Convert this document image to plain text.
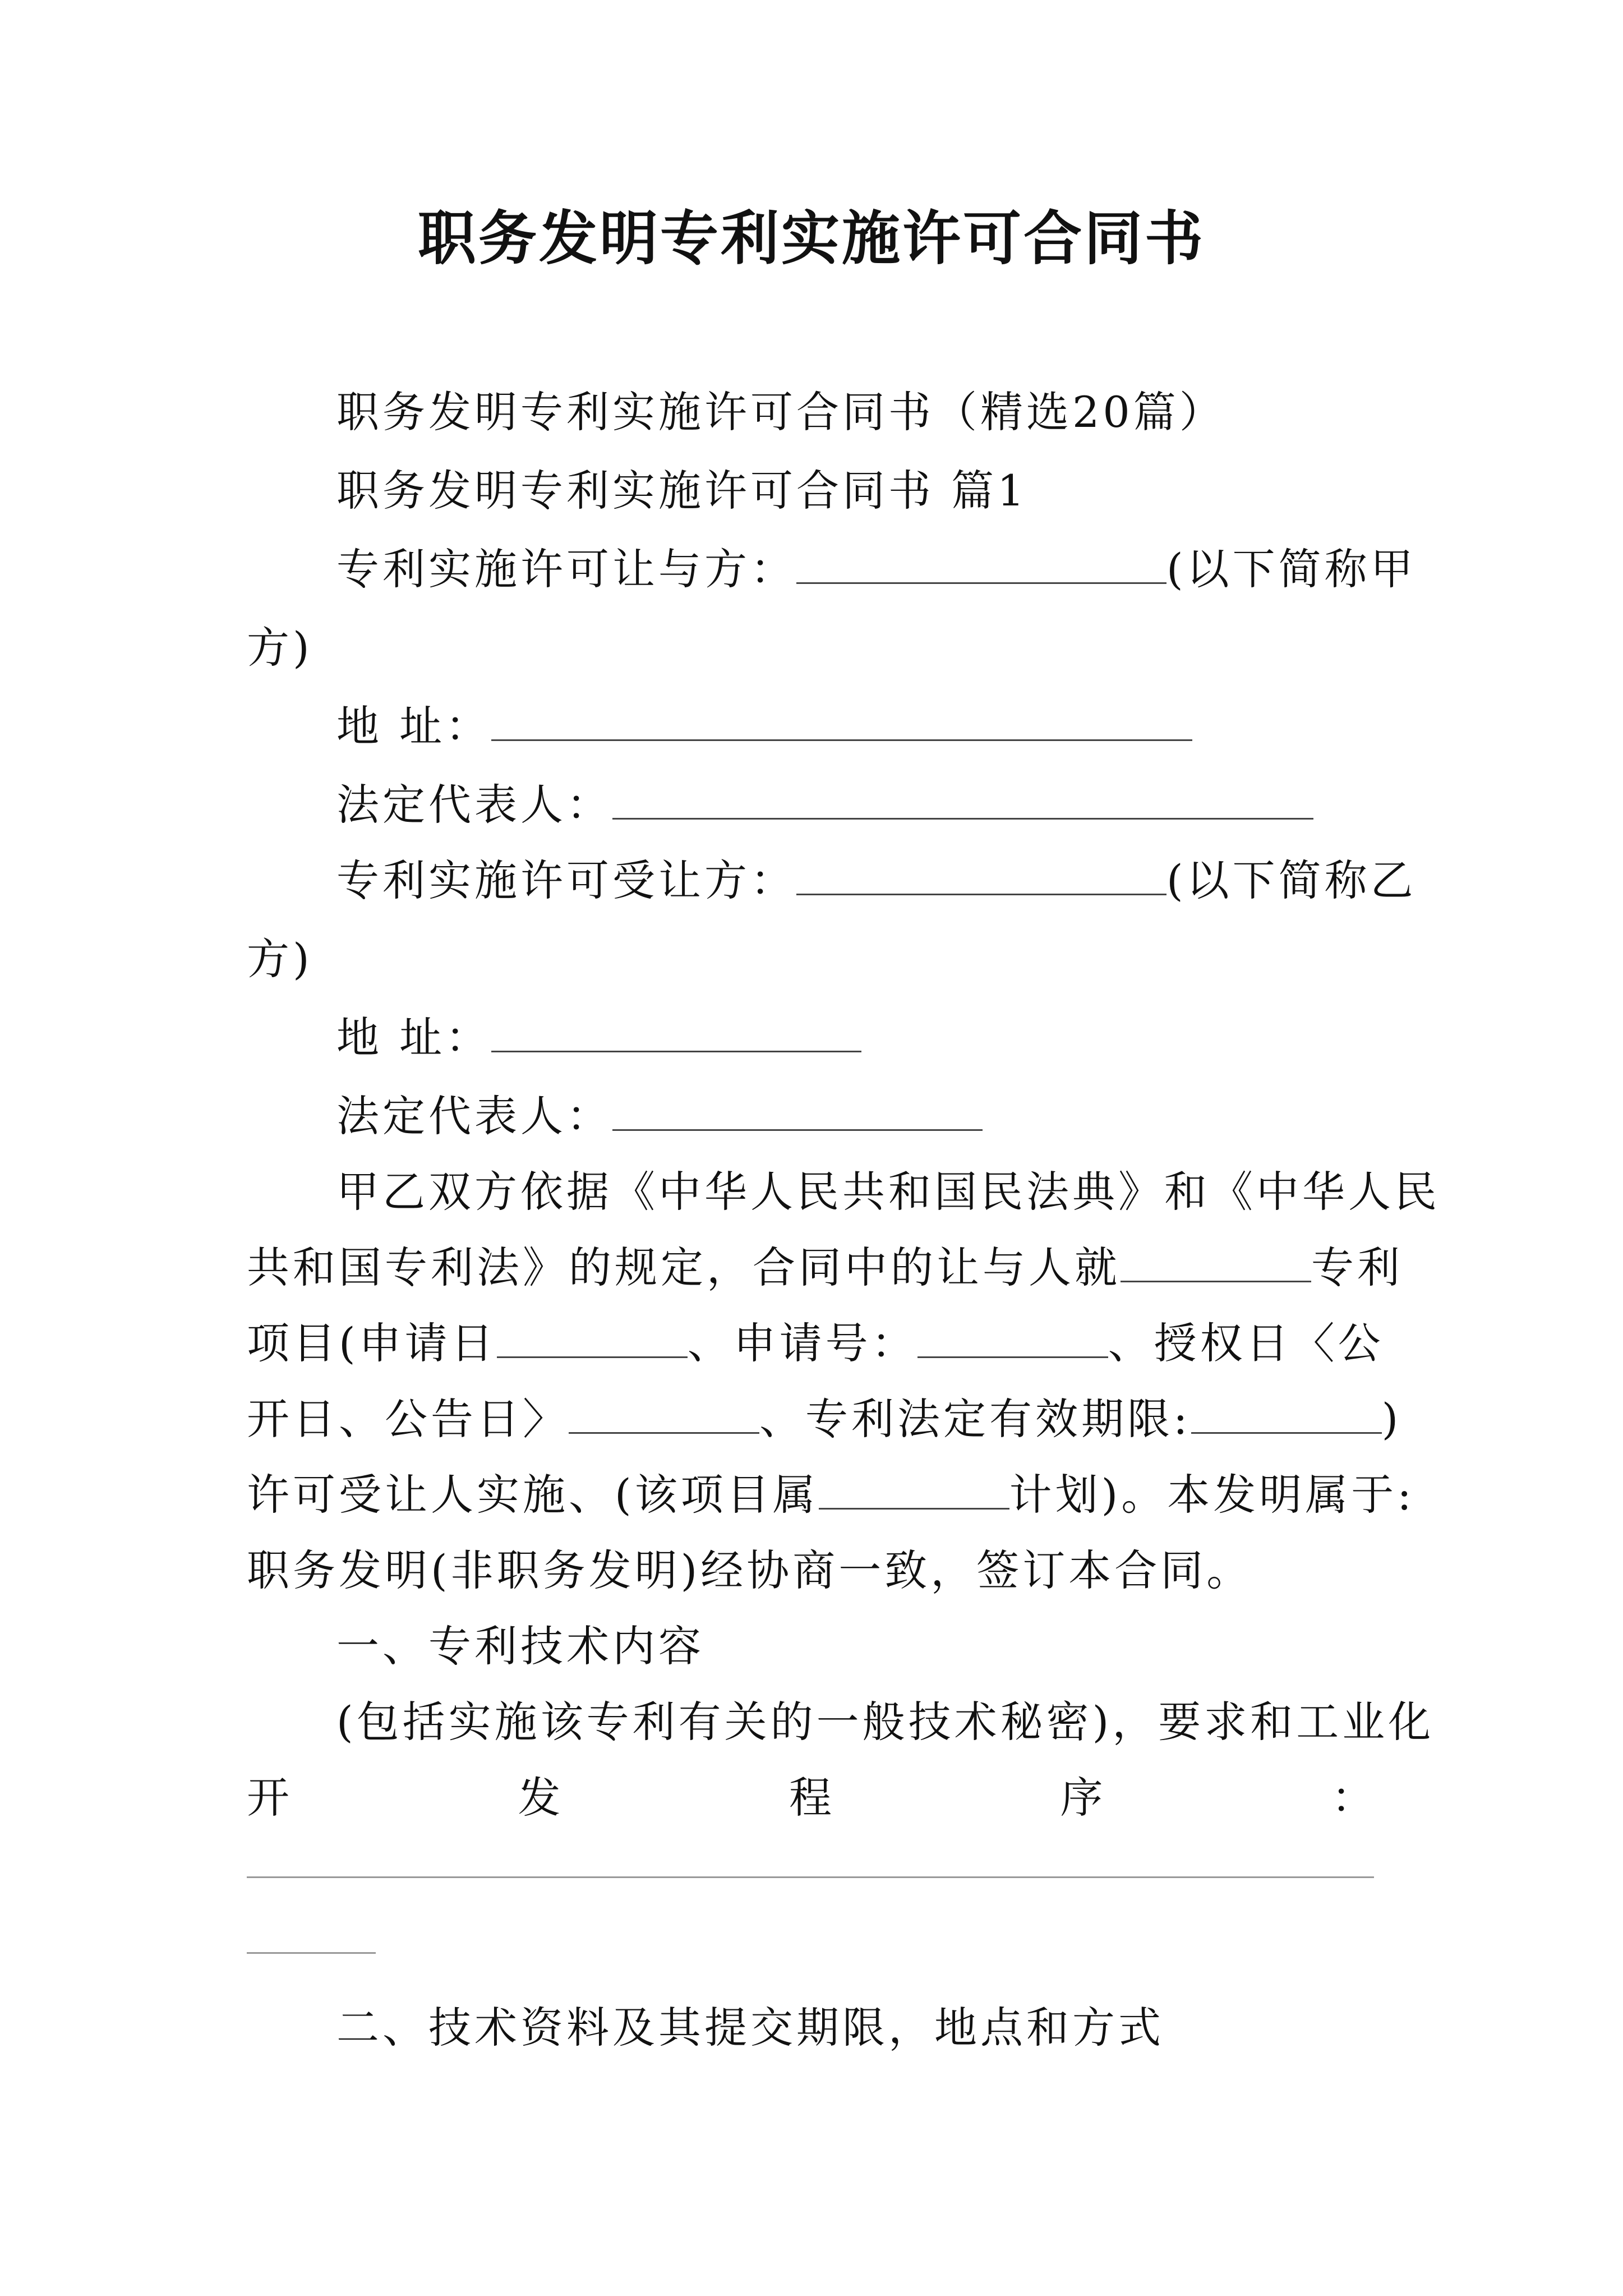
职务发明专利实施许可合同书
职务发明专利实施许可合同书（精选20篇）
职务发明专利实施许可合同书 篇1
专利实施许可让与方：	(以下简称甲
方)
地 址：
法定代表人：
专利实施许可受让方：	(以下简称乙
方)
地 址：
法定代表人：
甲乙双方依据《中华人民共和国民法典》和《中华人民
共和国专利法》的规定，合同中的让与人就	专利
项目(申请日	、申请号：	、授权日〈公
开日、公告日〉	、专利法定有效期限:	)
许可受让人实施、(该项目属	计划)。本发明属于:
职务发明(非职务发明)经协商一致，签订本合同。
一、专利技术内容
(包括实施该专利有关的一般技术秘密)，要求和工业化
开	发	程	序	：
二、技术资料及其提交期限，地点和方式
